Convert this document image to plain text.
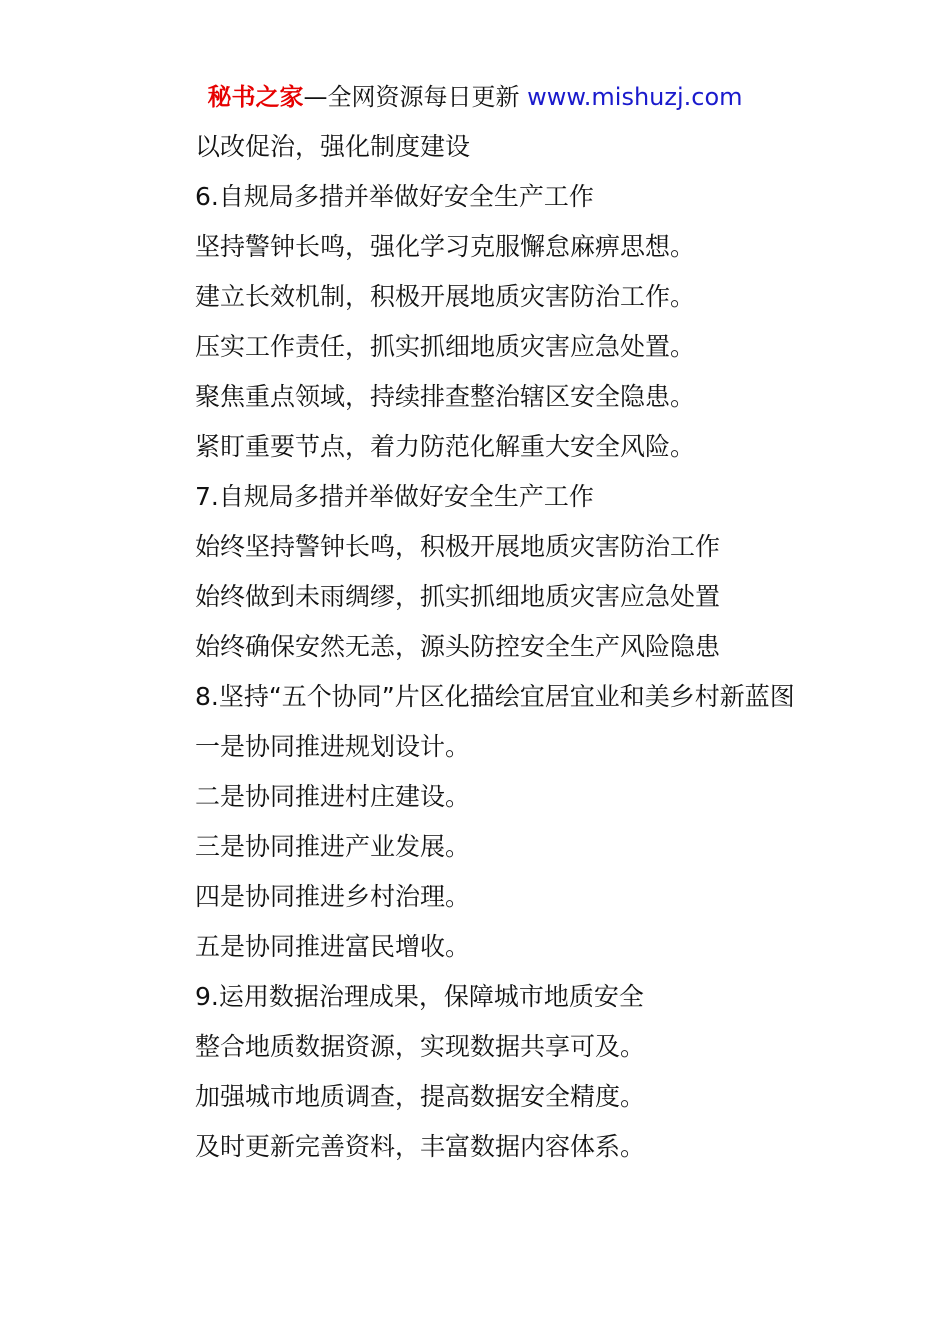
秘书之家—全网资源每日更新 www.mishuzj.com
以改促治，强化制度建设
6.自规局多措并举做好安全生产工作
坚持警钟长鸣，强化学习克服懈怠麻痹思想。
建立长效机制，积极开展地质灾害防治工作。
压实工作责任，抓实抓细地质灾害应急处置。
聚焦重点领域，持续排查整治辖区安全隐患。
紧盯重要节点，着力防范化解重大安全风险。
7.自规局多措并举做好安全生产工作
始终坚持警钟长鸣，积极开展地质灾害防治工作
始终做到未雨绸缪，抓实抓细地质灾害应急处置
始终确保安然无恙，源头防控安全生产风险隐患
8.坚持“五个协同”片区化描绘宜居宜业和美乡村新蓝图
一是协同推进规划设计。
二是协同推进村庄建设。
三是协同推进产业发展。
四是协同推进乡村治理。
五是协同推进富民增收。
9.运用数据治理成果，保障城市地质安全
整合地质数据资源，实现数据共享可及。
加强城市地质调查，提高数据安全精度。
及时更新完善资料，丰富数据内容体系。
